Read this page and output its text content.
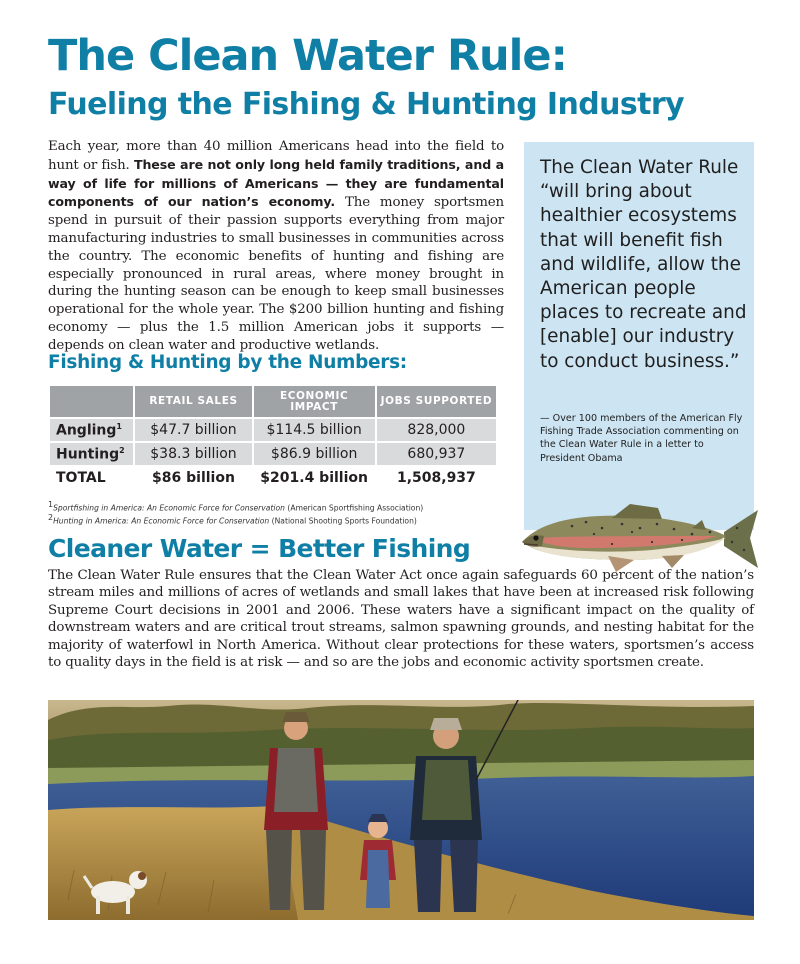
The Clean Water Rule:
Fueling the Fishing & Hunting Industry

Each year, more than 40 million Americans head into the field to hunt or fish. These are not only long held family traditions, and a way of life for millions of Americans — they are fundamental components of our nation’s economy. The money sportsmen spend in pursuit of their passion supports everything from major manufacturing industries to small businesses in communities across the country. The economic benefits of hunting and fishing are especially pronounced in rural areas, where money brought in during the hunting season can be enough to keep small businesses operational for the whole year. The $200 billion hunting and fishing economy — plus the 1.5 million American jobs it supports — depends on clean water and productive wetlands.

The Clean Water Rule “will bring about healthier ecosystems that will benefit fish and wildlife, allow the American people places to recreate and [enable] our industry to conduct business.”

— Over 100 members of the American Fly Fishing Trade Association commenting on the Clean Water Rule in a letter to President Obama

Fishing & Hunting by the Numbers:
	RETAIL SALES	ECONOMIC IMPACT	JOBS SUPPORTED
Angling$^1$	$47.7 billion	$114.5 billion	828,000
Hunting$^2$	$38.3 billion	$86.9 billion	680,937
TOTAL	$86 billion	$201.4 billion	1,508,937
$^1$Sportfishing in America: An Economic Force for Conservation (American Sportfishing Association)
$^2$Hunting in America: An Economic Force for Conservation (National Shooting Sports Foundation)
Cleaner Water = Better Fishing

The Clean Water Rule ensures that the Clean Water Act once again safeguards 60 percent of the nation’s stream miles and millions of acres of wetlands and small lakes that have been at increased risk following Supreme Court decisions in 2001 and 2006. These waters have a significant impact on the quality of downstream waters and are critical trout streams, salmon spawning grounds, and nesting habitat for the majority of waterfowl in North America. Without clear protections for these waters, sportsmen’s access to quality days in the field is at risk — and so are the jobs and economic activity sportsmen create.
